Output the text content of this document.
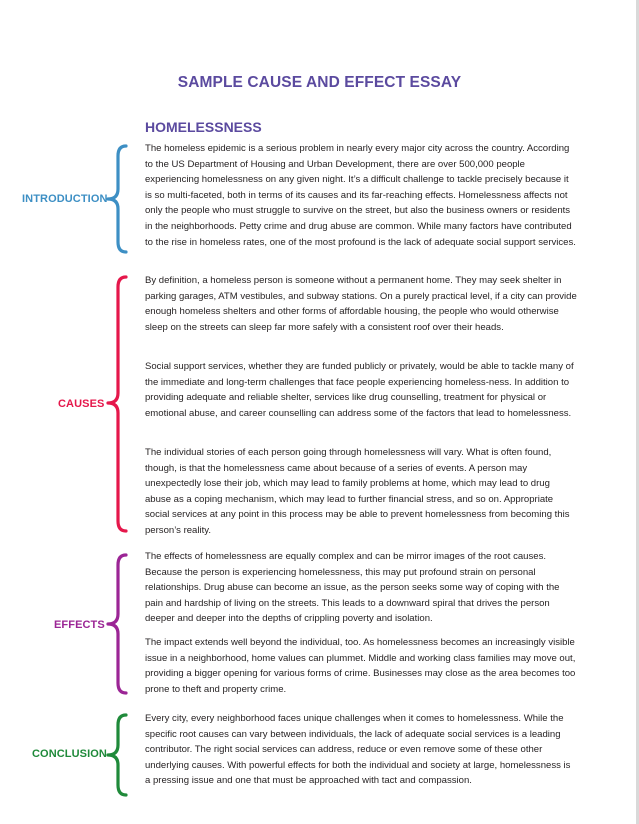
SAMPLE CAUSE AND EFFECT ESSAY
HOMELESSNESS
INTRODUCTION

The homeless epidemic is a serious problem in nearly every major city across the country. According to the US Department of Housing and Urban Development, there are over 500,000 people experiencing homelessness on any given night. It’s a difficult challenge to tackle precisely because it is so multi-faceted, both in terms of its causes and its far-reaching effects. Homelessness affects not only the people who must struggle to survive on the street, but also the business owners or residents in the neighborhoods. Petty crime and drug abuse are common. While many factors have contributed to the rise in homeless rates, one of the most profound is the lack of adequate social support services.

CAUSES

By definition, a homeless person is someone without a permanent home. They may seek shelter in parking garages, ATM vestibules, and subway stations. On a purely practical level, if a city can provide enough homeless shelters and other forms of affordable housing, the people who would otherwise sleep on the streets can sleep far more safely with a consistent roof over their heads.

Social support services, whether they are funded publicly or privately, would be able to tackle many of the immediate and long-term challenges that face people experiencing homeless-ness. In addition to providing adequate and reliable shelter, services like drug counselling, treatment for physical or emotional abuse, and career counselling can address some of the factors that lead to homelessness.

The individual stories of each person going through homelessness will vary. What is often found, though, is that the homelessness came about because of a series of events. A person may unexpectedly lose their job, which may lead to family problems at home, which may lead to drug abuse as a coping mechanism, which may lead to further financial stress, and so on. Appropriate social services at any point in this process may be able to prevent homelessness from becoming this person’s reality.

EFFECTS

The effects of homelessness are equally complex and can be mirror images of the root causes. Because the person is experiencing homelessness, this may put profound strain on personal relationships. Drug abuse can become an issue, as the person seeks some way of coping with the pain and hardship of living on the streets. This leads to a downward spiral that drives the person deeper and deeper into the depths of crippling poverty and isolation.

The impact extends well beyond the individual, too. As homelessness becomes an increasingly visible issue in a neighborhood, home values can plummet. Middle and working class families may move out, providing a bigger opening for various forms of crime. Businesses may close as the area becomes too prone to theft and property crime.

CONCLUSION

Every city, every neighborhood faces unique challenges when it comes to homelessness. While the specific root causes can vary between individuals, the lack of adequate social services is a leading contributor. The right social services can address, reduce or even remove some of these other underlying causes. With powerful effects for both the individual and society at large, homelessness is a pressing issue and one that must be approached with tact and compassion.
